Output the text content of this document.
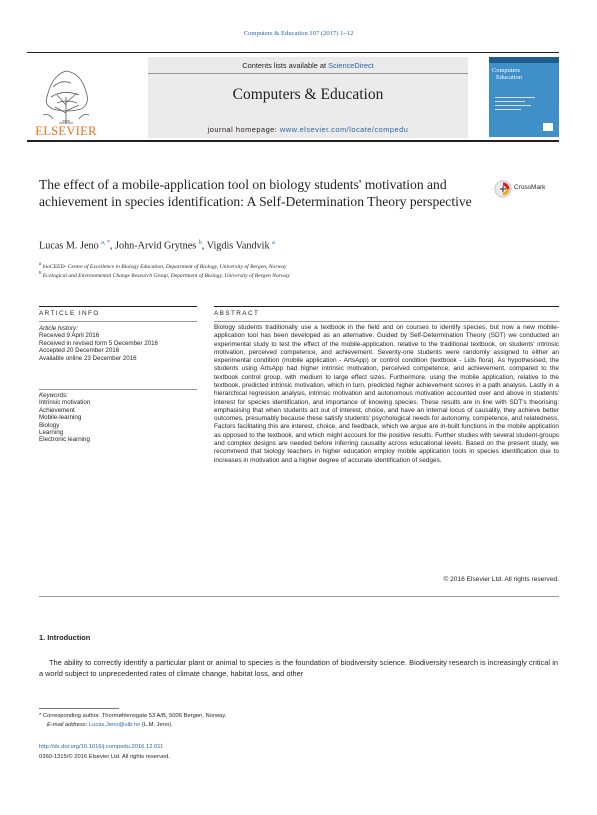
Computers & Education 107 (2017) 1–12
ELSEVIER
Contents lists available at ScienceDirect
Computers & Education
journal homepage: www.elsevier.com/locate/compedu
Computers
Education
The effect of a mobile-application tool on biology students' motivation and achievement in species identification: A Self-Determination Theory perspective
CrossMark
Lucas M. Jeno $^{a, *}$, John-Arvid Grytnes $^b$, Vigdis Vandvik $^a$
$^a$ bioCEED- Centre of Excellence in Biology Education, Department of Biology, University of Bergen, Norway
$^b$ Ecological and Environmental Change Research Group, Department of Biology, University of Bergen Norway
ARTICLE INFO
Article history:
Received 9 April 2016
Received in revised form 5 December 2016
Accepted 20 December 2016
Available online 23 December 2016
Keywords:
Intrinsic motivation
Achievement
Mobile-learning
Biology
Learning
Electronic learning
ABSTRACT
Biology students traditionally use a textbook in the field and on courses to identify species, but now a new mobile-application tool has been developed as an alternative. Guided by Self-Determination Theory (SDT) we conducted an experimental study to test the effect of the mobile-application, relative to the traditional textbook, on students' intrinsic motivation, perceived competence, and achievement. Seventy-one students were randomly assigned to either an experimental condition (mobile application - ArtsApp) or control condition (textbook - Lids flora). As hypothesised, the students using ArtsApp had higher intrinsic motivation, perceived competence, and achievement, compared to the textbook control group, with medium to large effect sizes. Furthermore, using the mobile application, relative to the textbook, predicted intrinsic motivation, which in turn, predicted higher achievement scores in a path analysis. Lastly in a hierarchical regression analysis, intrinsic motivation and autonomous motivation accounted over and above in students' interest for species identification, and importance of knowing species. These results are in line with SDT's theorising: emphasising that when students act out of interest, choice, and have an internal locus of causality, they achieve better outcomes, presumably because these satisfy students' psychological needs for autonomy, competence, and relatedness. Factors facilitating this are interest, choice, and feedback, which we argue are in-built functions in the mobile application as opposed to the textbook, and which might account for the positive results. Further studies with several student-groups and complex designs are needed before inferring causality across educational levels. Based on the present study, we recommend that biology teachers in higher education employ mobile application tools in species identification due to increases in motivation and a higher degree of accurate identification of sedges.
© 2016 Elsevier Ltd. All rights reserved.
1. Introduction
The ability to correctly identify a particular plant or animal to species is the foundation of biodiversity science. Biodiversity research is increasingly critical in a world subject to unprecedented rates of climate change, habitat loss, and other
* Corresponding author. Thormøhlensgate 53 A/B, 5006 Bergen, Norway.
E-mail address: Lucas.Jeno@uib.no (L.M. Jeno).
http://dx.doi.org/10.1016/j.compedu.2016.12.011
0360-1315/© 2016 Elsevier Ltd. All rights reserved.
